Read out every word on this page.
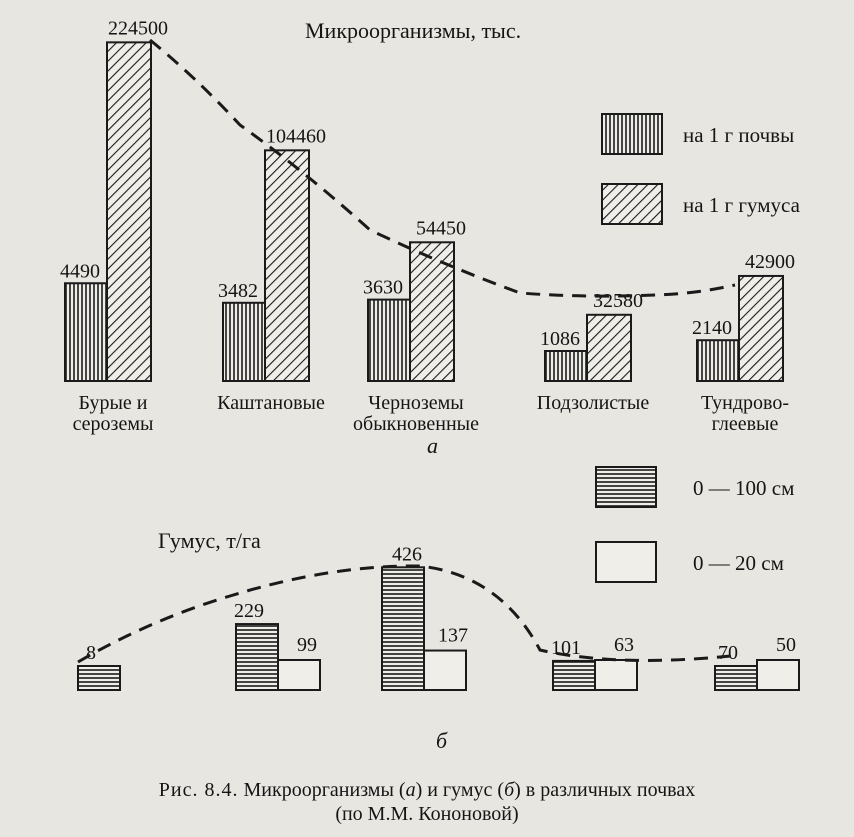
Микроорганизмы, тыс.
4490
224500
Бурые и
сероземы
3482
104460
Каштановые
3630
54450
Черноземы
обыкновенные
1086
32580
Подзолистые
2140
42900
Тундрово-
глеевые
на 1 г почвы
на 1 г гумуса
а
Гумус, т/га
8
229
99
426
137
101 63	70 50
0 — 100 см
0 — 20 см
б
Рис. 8.4. Микроорганизмы (а) и гумус (б) в различных почвах
(по М.М. Кононовой)
